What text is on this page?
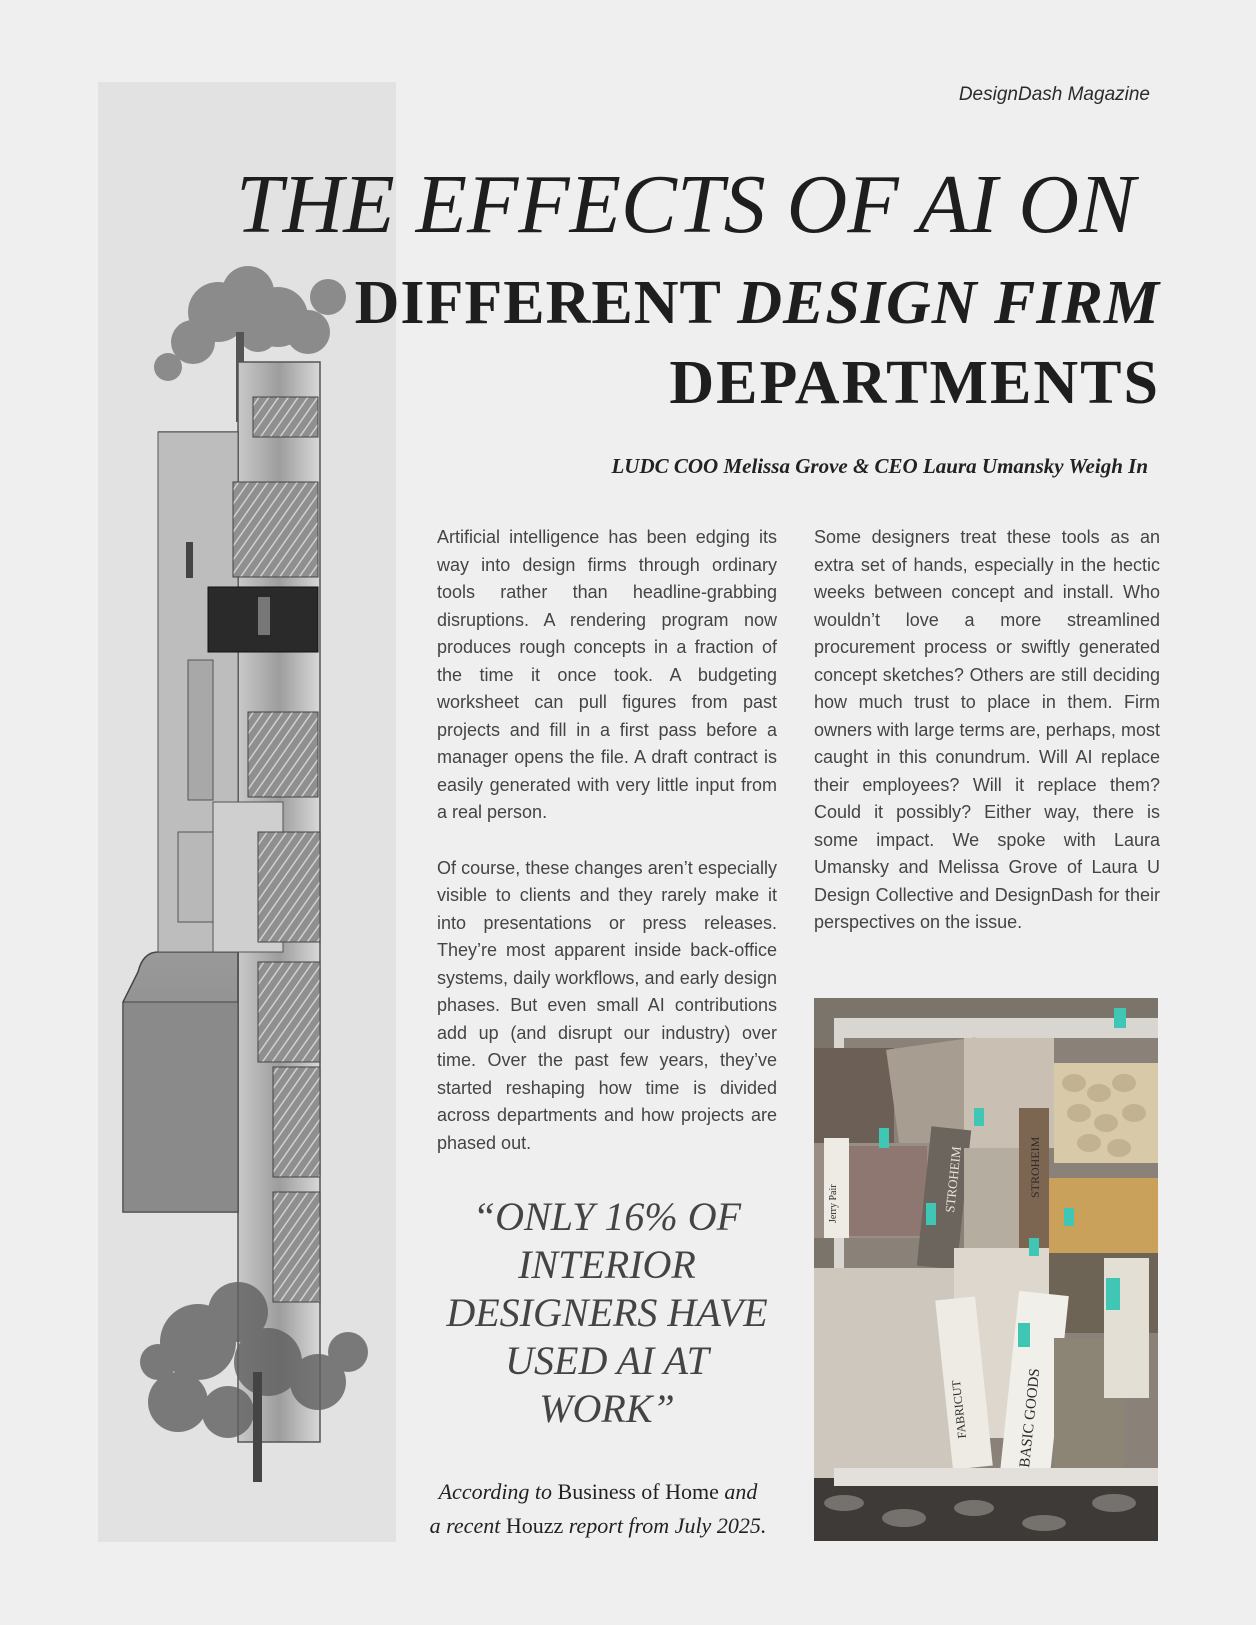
DesignDash Magazine
THE EFFECTS OF AI ON
DIFFERENT DESIGN FIRM
DEPARTMENTS
LUDC COO Melissa Grove & CEO Laura Umansky Weigh In

Artificial intelligence has been edging its way into design firms through ordinary tools rather than headline-grabbing disruptions. A rendering program now produces rough concepts in a fraction of the time it once took. A budgeting worksheet can pull figures from past projects and fill in a first pass before a manager opens the file. A draft contract is easily generated with very little input from a real person.

Of course, these changes aren’t especially visible to clients and they rarely make it into presentations or press releases. They’re most apparent inside back-office systems, daily workflows, and early design phases. But even small AI contributions add up (and disrupt our industry) over time. Over the past few years, they’ve started reshaping how time is divided across departments and how projects are phased out.

Some designers treat these tools as an extra set of hands, especially in the hectic weeks between concept and install. Who wouldn’t love a more streamlined procurement process or swiftly generated concept sketches? Others are still deciding how much trust to place in them. Firm owners with large terms are, perhaps, most caught in this conundrum. Will AI replace their employees? Will it replace them? Could it possibly? Either way, there is some impact. We spoke with Laura Umansky and Melissa Grove of Laura U Design Collective and DesignDash for their perspectives on the issue.

“ONLY 16% OF INTERIOR DESIGNERS HAVE USED AI AT WORK”
According to Business of Home and
a recent Houzz report from July 2025.
Jerry Pair	STROHEIM	STROHEIM
FABRICUT	BASIC GOODS
